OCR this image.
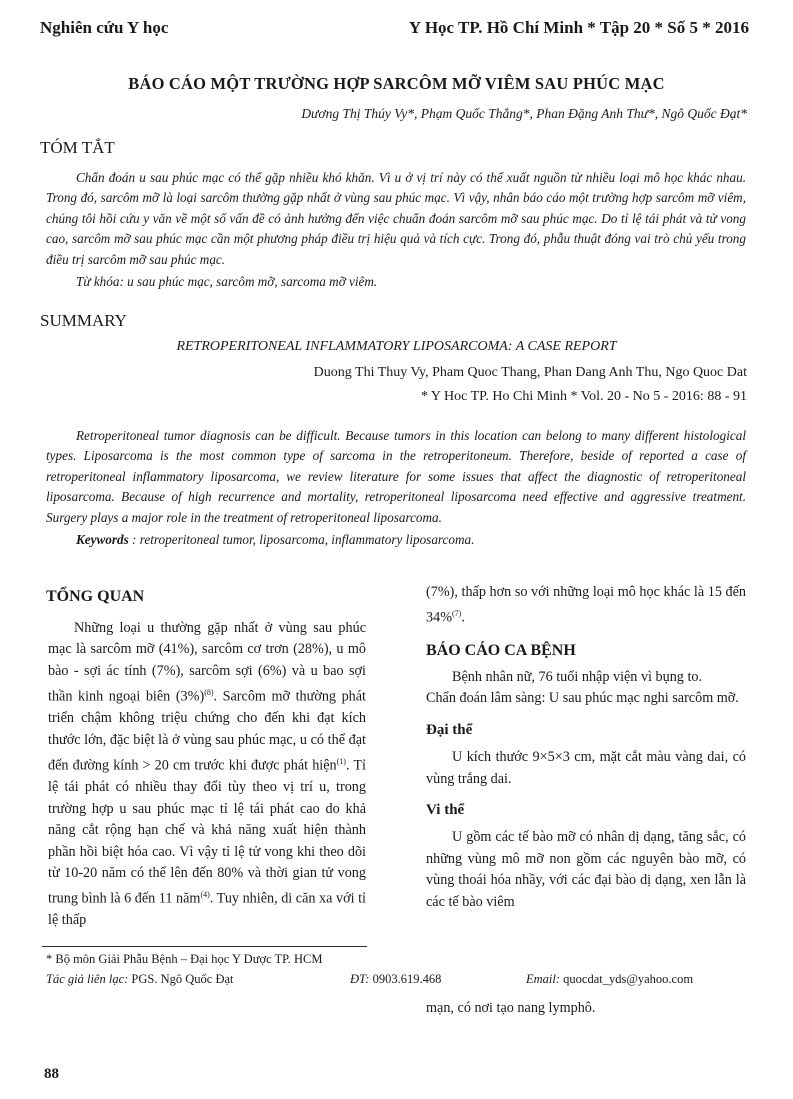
Nghiên cứu Y học	Y Học TP. Hồ Chí Minh * Tập 20 * Số 5 * 2016
BÁO CÁO MỘT TRƯỜNG HỢP SARCÔM MỠ VIÊM SAU PHÚC MẠC
Dương Thị Thúy Vy*, Phạm Quốc Thắng*, Phan Đặng Anh Thư*, Ngô Quốc Đạt*
TÓM TẮT

Chẩn đoán u sau phúc mạc có thể gặp nhiều khó khăn. Vì u ở vị trí này có thể xuất nguồn từ nhiều loại mô học khác nhau. Trong đó, sarcôm mỡ là loại sarcôm thường gặp nhất ở vùng sau phúc mạc. Vì vậy, nhân báo cáo một trường hợp sarcôm mỡ viêm, chúng tôi hồi cứu y văn về một số vấn đề có ảnh hưởng đến việc chuẩn đoán sarcôm mỡ sau phúc mạc. Do tỉ lệ tái phát và tử vong cao, sarcôm mỡ sau phúc mạc cần một phương pháp điều trị hiệu quả và tích cực. Trong đó, phẫu thuật đóng vai trò chủ yếu trong điều trị sarcôm mỡ sau phúc mạc.

Từ khóa: u sau phúc mạc, sarcôm mỡ, sarcoma mỡ viêm.

SUMMARY
RETROPERITONEAL INFLAMMATORY LIPOSARCOMA: A CASE REPORT
Duong Thi Thuy Vy, Pham Quoc Thang, Phan Dang Anh Thu, Ngo Quoc Dat
* Y Hoc TP. Ho Chi Minh * Vol. 20 - No 5 - 2016: 88 - 91

Retroperitoneal tumor diagnosis can be difficult. Because tumors in this location can belong to many different histological types. Liposarcoma is the most common type of sarcoma in the retroperitoneum. Therefore, beside of reported a case of retroperitoneal inflammatory liposarcoma, we review literature for some issues that affect the diagnostic of retroperitoneal liposarcoma. Because of high recurrence and mortality, retroperitoneal liposarcoma need effective and aggressive treatment. Surgery plays a major role in the treatment of retroperitoneal liposarcoma.

Keywords : retroperitoneal tumor, liposarcoma, inflammatory liposarcoma.

TỔNG QUAN

Những loại u thường gặp nhất ở vùng sau phúc mạc là sarcôm mỡ (41%), sarcôm cơ trơn (28%), u mô bào - sợi ác tính (7%), sarcôm sợi (6%) và u bao sợi thần kinh ngoại biên $(3\%)^{(8)}$. Sarcôm mỡ thường phát triển chậm không triệu chứng cho đến khi đạt kích thước lớn, đặc biệt là ở vùng sau phúc mạc, u có thể đạt đến đường kính > 20 cm trước khi được phát hiện$^{(1)}$. Tỉ lệ tái phát có nhiều thay đổi tùy theo vị trí u, trong trường hợp u sau phúc mạc tỉ lệ tái phát cao do khả năng cắt rộng hạn chế và khả năng xuất hiện thành phần hồi biệt hóa cao. Vì vậy tỉ lệ tử vong khi theo dõi từ 10-20 năm có thể lên đến 80% và thời gian tử vong trung bình là 6 đến 11 năm$^{(4)}$. Tuy nhiên, di căn xa với tỉ lệ thấp

(7%), thấp hơn so với những loại mô học khác là 15 đến 34%$^{(7)}$.

BÁO CÁO CA BỆNH

Bệnh nhân nữ, 76 tuổi nhập viện vì bụng to.

Chẩn đoán lâm sàng: U sau phúc mạc nghi sarcôm mỡ.

Đại thể

U kích thước 9×5×3 cm, mặt cắt màu vàng dai, có vùng trắng dai.

Vi thể

U gồm các tế bào mỡ có nhân dị dạng, tăng sắc, có những vùng mô mỡ non gồm các nguyên bào mỡ, có vùng thoái hóa nhầy, với các đại bào dị dạng, xen lẫn là các tế bào viêm

* Bộ môn Giải Phẫu Bệnh – Đại học Y Dược TP. HCM
Tác giả liên lạc: PGS. Ngô Quốc Đạt	ĐT: 0903.619.468	Email: quocdat_yds@yahoo.com
mạn, có nơi tạo nang lymphô.
88
